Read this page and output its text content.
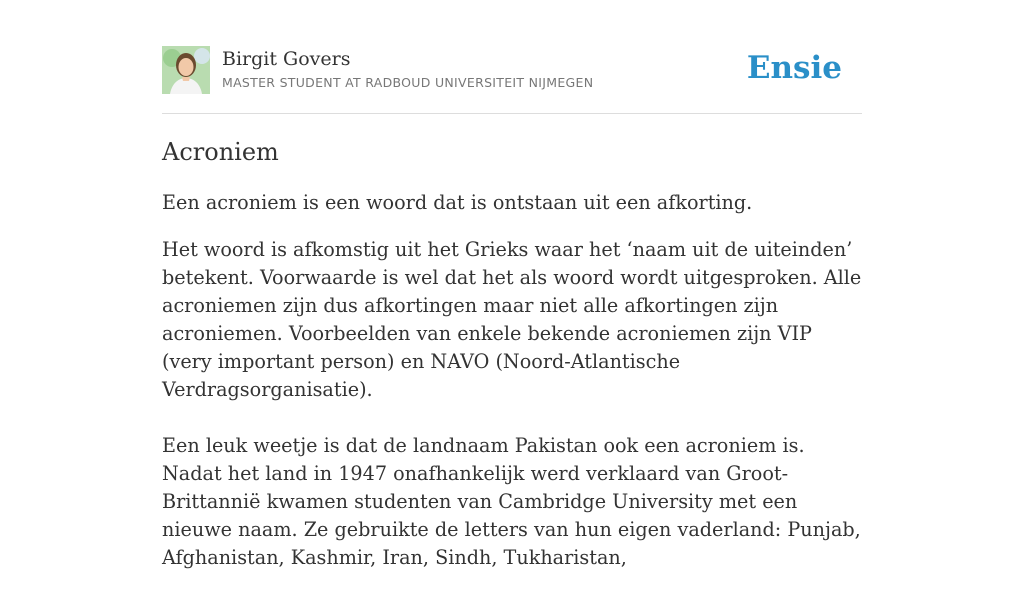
Birgit Govers
MASTER STUDENT AT RADBOUD UNIVERSITEIT NIJMEGEN	Ensie
Acroniem

Een acroniem is een woord dat is ontstaan uit een afkorting.

Het woord is afkomstig uit het Grieks waar het ‘naam uit de uiteinden’ betekent. Voorwaarde is wel dat het als woord wordt uitgesproken. Alle acroniemen zijn dus afkortingen maar niet alle afkortingen zijn acroniemen. Voorbeelden van enkele bekende acroniemen zijn VIP (very important person) en NAVO (Noord-Atlantische Verdragsorganisatie).

Een leuk weetje is dat de landnaam Pakistan ook een acroniem is. Nadat het land in 1947 onafhankelijk werd verklaard van Groot-Brittannië kwamen studenten van Cambridge University met een nieuwe naam. Ze gebruikte de letters van hun eigen vaderland: Punjab, Afghanistan, Kashmir, Iran, Sindh, Tukharistan,
